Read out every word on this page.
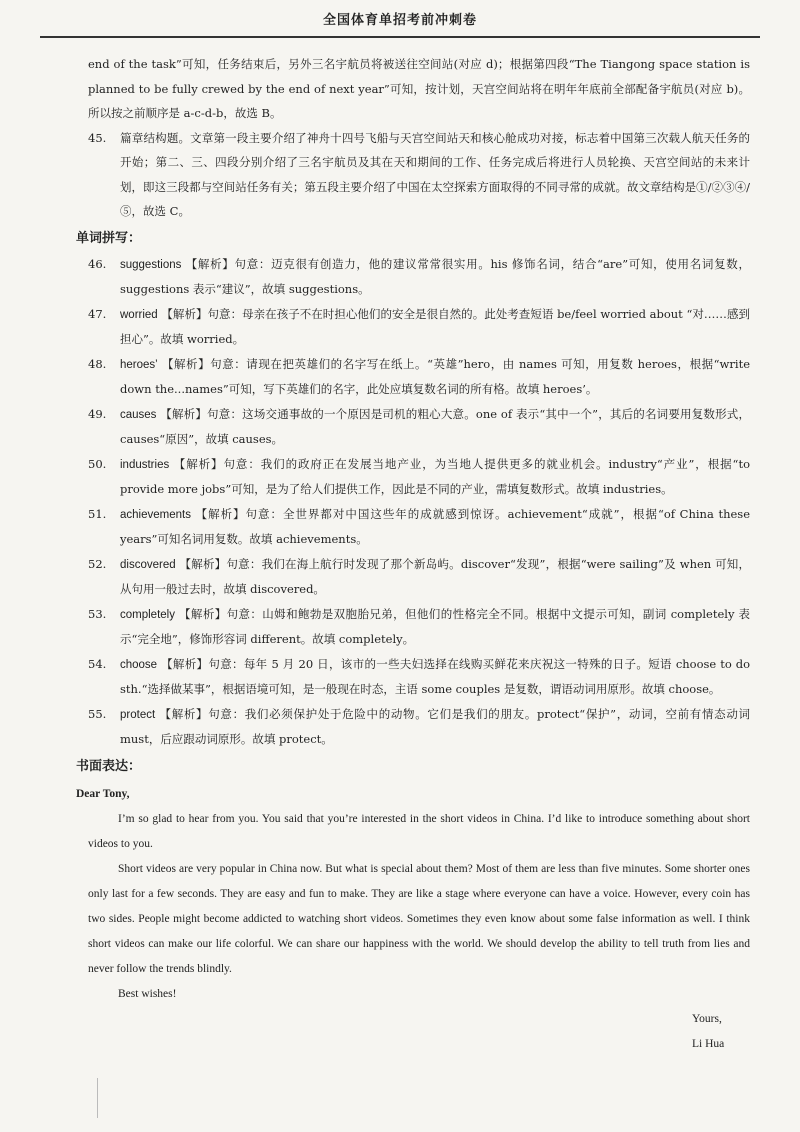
全国体育单招考前冲刺卷

end of the task”可知，任务结束后，另外三名宇航员将被送往空间站(对应 d)；根据第四段“The Tiangong space station is planned to be fully crewed by the end of next year”可知，按计划，天宫空间站将在明年年底前全部配备宇航员(对应 b)。所以按之前顺序是 a-c-d-b，故选 B。

45. 篇章结构题。文章第一段主要介绍了神舟十四号飞船与天宫空间站天和核心舱成功对接，标志着中国第三次载人航天任务的开始；第二、三、四段分别介绍了三名宇航员及其在天和期间的工作、任务完成后将进行人员轮换、天宫空间站的未来计划，即这三段都与空间站任务有关；第五段主要介绍了中国在太空探索方面取得的不同寻常的成就。故文章结构是①/②③④/⑤，故选 C。

单词拼写：

46. suggestions 【解析】句意：迈克很有创造力，他的建议常常很实用。his 修饰名词，结合“are”可知，使用名词复数，suggestions 表示“建议”，故填 suggestions。

47. worried 【解析】句意：母亲在孩子不在时担心他们的安全是很自然的。此处考查短语 be/feel worried about “对……感到担心”。故填 worried。

48. heroes’ 【解析】句意：请现在把英雄们的名字写在纸上。“英雄”hero，由 names 可知，用复数 heroes，根据“write down the...names”可知，写下英雄们的名字，此处应填复数名词的所有格。故填 heroes’。

49. causes 【解析】句意：这场交通事故的一个原因是司机的粗心大意。one of 表示“其中一个”，其后的名词要用复数形式，causes“原因”，故填 causes。

50. industries 【解析】句意：我们的政府正在发展当地产业，为当地人提供更多的就业机会。industry“产业”，根据“to provide more jobs”可知，是为了给人们提供工作，因此是不同的产业，需填复数形式。故填 industries。

51. achievements 【解析】句意：全世界都对中国这些年的成就感到惊讶。achievement“成就”，根据“of China these years”可知名词用复数。故填 achievements。

52. discovered 【解析】句意：我们在海上航行时发现了那个新岛屿。discover“发现”，根据“were sailing”及 when 可知，从句用一般过去时，故填 discovered。

53. completely 【解析】句意：山姆和鲍勃是双胞胎兄弟，但他们的性格完全不同。根据中文提示可知，副词 completely 表示“完全地”，修饰形容词 different。故填 completely。

54. choose 【解析】句意：每年 5 月 20 日，该市的一些夫妇选择在线购买鲜花来庆祝这一特殊的日子。短语 choose to do sth.“选择做某事”，根据语境可知，是一般现在时态，主语 some couples 是复数，谓语动词用原形。故填 choose。

55. protect 【解析】句意：我们必须保护处于危险中的动物。它们是我们的朋友。protect“保护”，动词，空前有情态动词 must，后应跟动词原形。故填 protect。

书面表达：

Dear Tony,

I’m so glad to hear from you. You said that you’re interested in the short videos in China. I’d like to introduce something about short videos to you.

Short videos are very popular in China now. But what is special about them? Most of them are less than five minutes. Some shorter ones only last for a few seconds. They are easy and fun to make. They are like a stage where everyone can have a voice. However, every coin has two sides. People might become addicted to watching short videos. Sometimes they even know about some false information as well. I think short videos can make our life colorful. We can share our happiness with the world. We should develop the ability to tell truth from lies and never follow the trends blindly.

Best wishes!

Yours,

Li Hua
